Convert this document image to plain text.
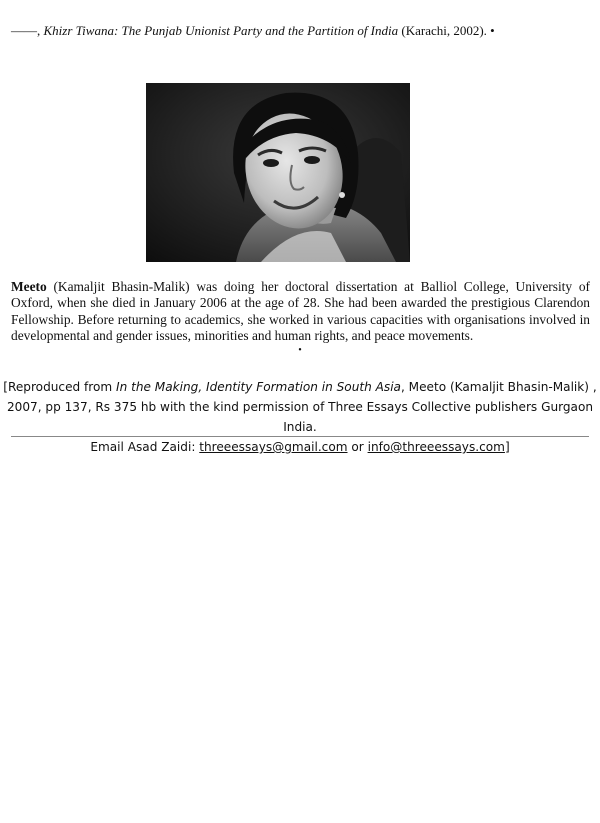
——, Khizr Tiwana: The Punjab Unionist Party and the Partition of India (Karachi, 2002). •
Meeto (Kamaljit Bhasin-Malik) was doing her doctoral dissertation at Balliol College, University of Oxford, when she died in January 2006 at the age of 28. She had been awarded the prestigious Clarendon Fellowship. Before returning to academics, she worked in various capacities with organisations involved in developmental and gender issues, minorities and human rights, and peace movements.
•
[Reproduced from In the Making, Identity Formation in South Asia, Meeto (Kamaljit Bhasin-Malik) ,
2007, pp 137, Rs 375 hb with the kind permission of Three Essays Collective publishers Gurgaon India.
Email Asad Zaidi: threeessays@gmail.com or info@threeessays.com]
